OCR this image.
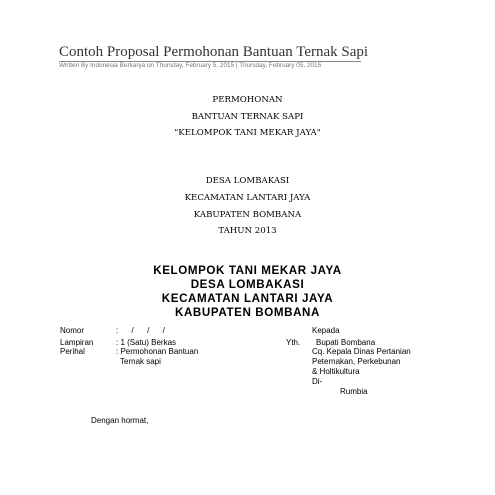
Contoh Proposal Permohonan Bantuan Ternak Sapi
Written By Indonesia Berkarya on Thursday, February 5, 2015 | Thursday, February 05, 2015
PERMOHONAN
BANTUAN TERNAK SAPI
"KELOMPOK TANI MEKAR JAYA"
DESA LOMBAKASI
KECAMATAN LANTARI JAYA
KABUPATEN BOMBANA
TAHUN 2013
KELOMPOK TANI MEKAR JAYA
DESA LOMBAKASI
KECAMATAN LANTARI JAYA
KABUPATEN BOMBANA
Nomor	:      /      /      /
Lampiran	: 1 (Satu) Berkas
Perihal	: Permohonan Bantuan
Ternak sapi
Kepada
Yth. Bupati Bombana
Cq. Kepala Dinas Pertanian
Peternakan, Perkebunan
& Holtikultura
Di-
Rumbia
Dengan hormat,
